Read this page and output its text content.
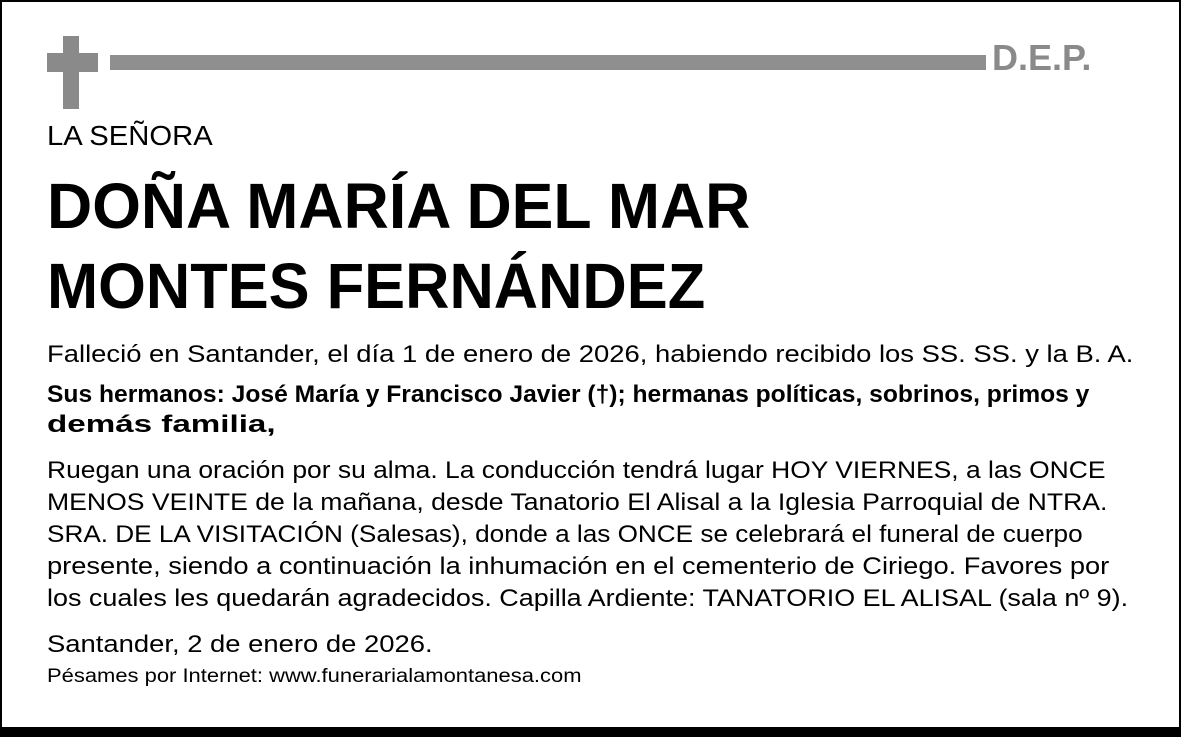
D.E.P.
LA SEÑORA
DOÑA MARÍA DEL MAR
MONTES FERNÁNDEZ
Falleció en Santander, el día 1 de enero de 2026, habiendo recibido los SS. SS. y la B. A.
Sus hermanos: José María y Francisco Javier (†); hermanas políticas, sobrinos, primos y
demás familia,
Ruegan una oración por su alma. La conducción tendrá lugar HOY VIERNES, a las ONCE
MENOS VEINTE de la mañana, desde Tanatorio El Alisal a la Iglesia Parroquial de NTRA.
SRA. DE LA VISITACIÓN (Salesas), donde a las ONCE se celebrará el funeral de cuerpo
presente, siendo a continuación la inhumación en el cementerio de Ciriego. Favores por
los cuales les quedarán agradecidos. Capilla Ardiente: TANATORIO EL ALISAL (sala nº 9).
Santander, 2 de enero de 2026.
Pésames por Internet: www.funerarialamontanesa.com
